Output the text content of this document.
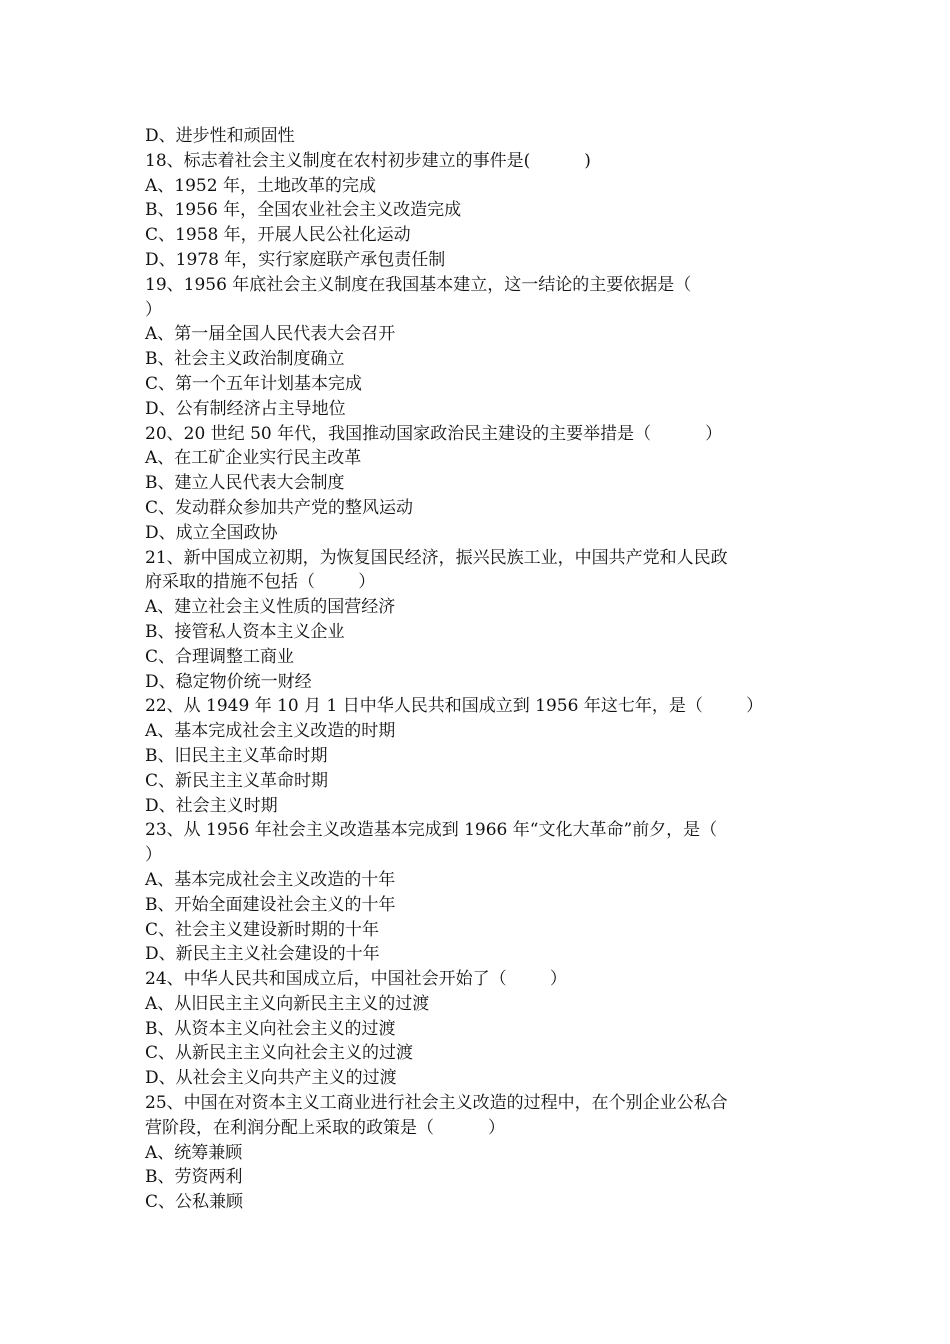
D、进步性和顽固性
18、标志着社会主义制度在农村初步建立的事件是(          )
A、1952 年，土地改革的完成
B、1956 年，全国农业社会主义改造完成
C、1958 年，开展人民公社化运动
D、1978 年，实行家庭联产承包责任制
19、1956 年底社会主义制度在我国基本建立，这一结论的主要依据是（
）
A、第一届全国人民代表大会召开
B、社会主义政治制度确立
C、第一个五年计划基本完成
D、公有制经济占主导地位
20、20 世纪 50 年代，我国推动国家政治民主建设的主要举措是（          ）
A、在工矿企业实行民主改革
B、建立人民代表大会制度
C、发动群众参加共产党的整风运动
D、成立全国政协
21、新中国成立初期，为恢复国民经济，振兴民族工业，中国共产党和人民政
府采取的措施不包括（        ）
A、建立社会主义性质的国营经济
B、接管私人资本主义企业
C、合理调整工商业
D、稳定物价统一财经
22、从 1949 年 10 月 1 日中华人民共和国成立到 1956 年这七年，是（        ）
A、基本完成社会主义改造的时期
B、旧民主主义革命时期
C、新民主主义革命时期
D、社会主义时期
23、从 1956 年社会主义改造基本完成到 1966 年“文化大革命”前夕，是（
）
A、基本完成社会主义改造的十年
B、开始全面建设社会主义的十年
C、社会主义建设新时期的十年
D、新民主主义社会建设的十年
24、中华人民共和国成立后，中国社会开始了（        ）
A、从旧民主主义向新民主主义的过渡
B、从资本主义向社会主义的过渡
C、从新民主主义向社会主义的过渡
D、从社会主义向共产主义的过渡
25、中国在对资本主义工商业进行社会主义改造的过程中，在个别企业公私合
营阶段，在利润分配上采取的政策是（          ）
A、统筹兼顾
B、劳资两利
C、公私兼顾
